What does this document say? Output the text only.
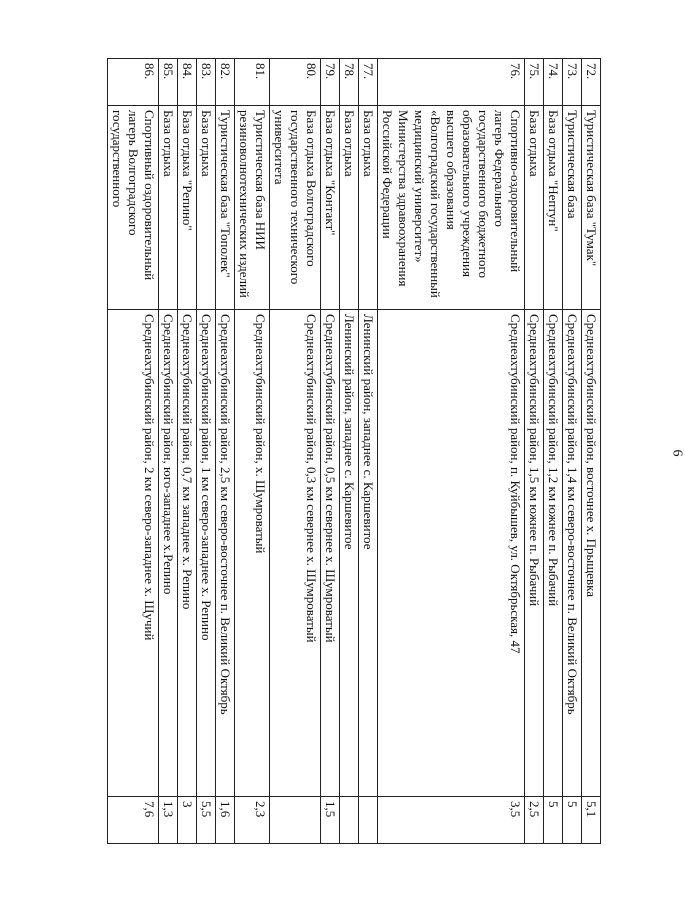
6
72.	Туристическая база "Тумак"	Среднеахтубинский район, восточнее х. Прыщевка	5,1
73.	Туристическая база	Среднеахтубинский район, 1,4 км северо-восточнее п. Великий Октябрь	5
74.	База отдыха "Нептун"	Среднеахтубинский район, 1,2 км южнее п. Рыбачий	5
75.	База отдыха	Среднеахтубинский район, 1,5 км южнее п. Рыбачий	2,5
76.	Спортивно-оздоровительный лагерь Федерального государственного бюджетного образовательного учреждения высшего образования «Волгоградский государственный медицинский университет» Министерства здравоохранения Российской Федерации	Среднеахтубинский район, п. Куйбышев, ул. Октябрьская, 47	3,5
77.	База отдыха	Ленинский район, западнее с. Каршевитое	
78.	База отдыха	Ленинский район, западнее с. Каршевитое	
79.	База отдыха "Контакт"	Среднеахтубинский район, 0,5 км севернее х. Шумроватый	1,5
80.	База отдыха Волгоградского государственного технического университета	Среднеахтубинский район, 0,3 км севернее х. Шумроватый	
81.	Туристическая база НИИ резиноволнотехнических изделий	Среднеахтубинский район, х. Шумроватый	2,3
82.	Туристическая база "Тополек"	Среднеахтубинский район, 2,5 км северо-восточнее п. Великий Октябрь	1,6
83.	База отдыха	Среднеахтубинский район, 1 км северо-западнее х. Репино	5,5
84.	База отдыха "Репино"	Среднеахтубинский район, 0,7 км западнее х. Репино	3
85.	База отдыха	Среднеахтубинский район, юго-западнее х.Репино	1,3
86.	Спортивный оздоровительный лагерь Волгоградского государственного	Среднеахтубинский район, 2 км северо-западнее х. Щучий	7,6
